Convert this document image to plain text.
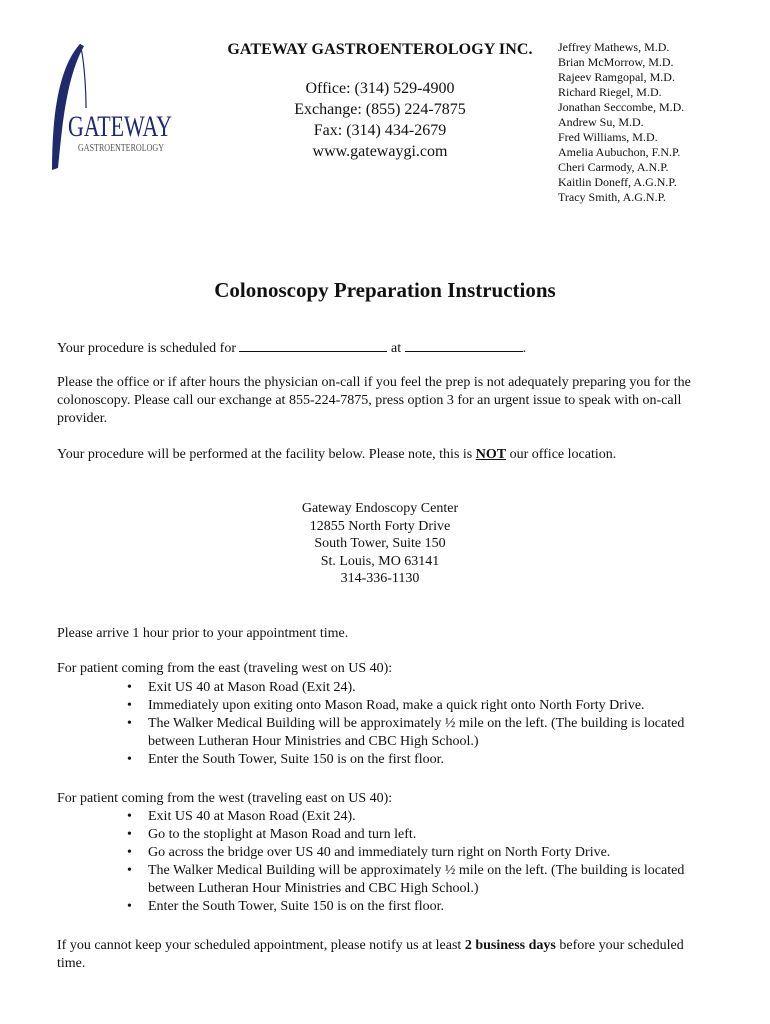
GATEWAY
GASTROENTEROLOGY

GATEWAY GASTROENTEROLOGY INC.

Office: (314) 529-4900
Exchange: (855) 224-7875
Fax: (314) 434-2679
www.gatewaygi.com
Jeffrey Mathews, M.D.
Brian McMorrow, M.D.
Rajeev Ramgopal, M.D.
Richard Riegel, M.D.
Jonathan Seccombe, M.D.
Andrew Su, M.D.
Fred Williams, M.D.
Amelia Aubuchon, F.N.P.
Cheri Carmody, A.N.P.
Kaitlin Doneff, A.G.N.P.
Tracy Smith, A.G.N.P.
Colonoscopy Preparation Instructions

Your procedure is scheduled for	at	.

Please the office or if after hours the physician on-call if you feel the prep is not adequately preparing you for the colonoscopy. Please call our exchange at 855-224-7875, press option 3 for an urgent issue to speak with on-call provider.

Your procedure will be performed at the facility below. Please note, this is NOT our office location.

Gateway Endoscopy Center
12855 North Forty Drive
South Tower, Suite 150
St. Louis, MO 63141
314-336-1130

Please arrive 1 hour prior to your appointment time.

For patient coming from the east (traveling west on US 40):

• Exit US 40 at Mason Road (Exit 24).
• Immediately upon exiting onto Mason Road, make a quick right onto North Forty Drive.
• The Walker Medical Building will be approximately ½ mile on the left. (The building is located between Lutheran Hour Ministries and CBC High School.)
• Enter the South Tower, Suite 150 is on the first floor.

For patient coming from the west (traveling east on US 40):

• Exit US 40 at Mason Road (Exit 24).
• Go to the stoplight at Mason Road and turn left.
• Go across the bridge over US 40 and immediately turn right on North Forty Drive.
• The Walker Medical Building will be approximately ½ mile on the left. (The building is located between Lutheran Hour Ministries and CBC High School.)
• Enter the South Tower, Suite 150 is on the first floor.

If you cannot keep your scheduled appointment, please notify us at least 2 business days before your scheduled time.
